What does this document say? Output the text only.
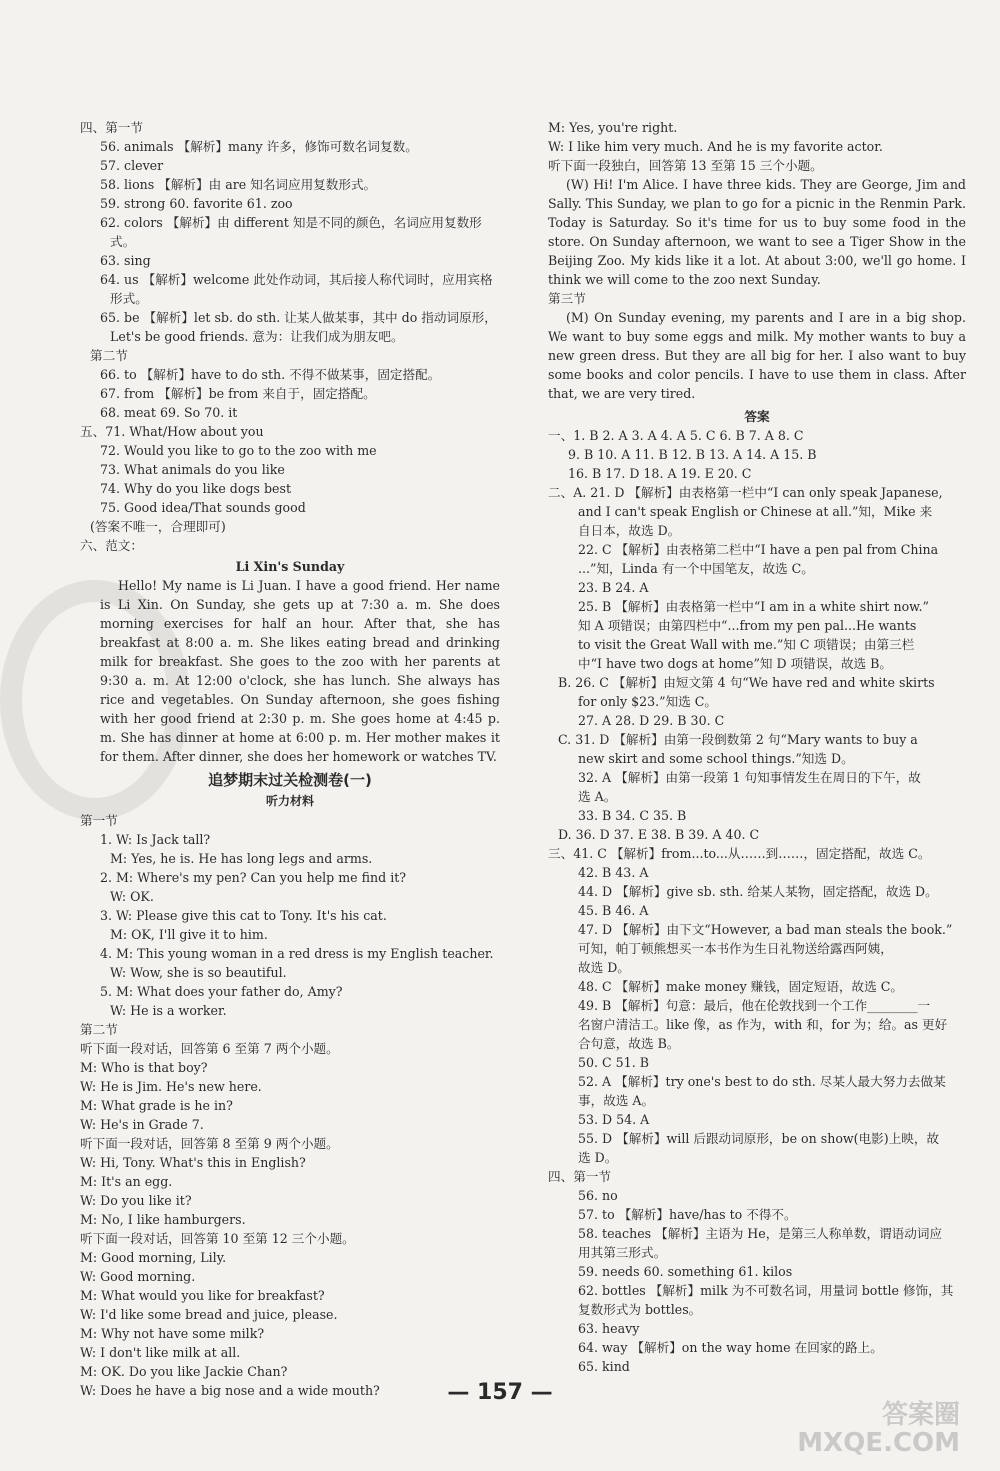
四、第一节
56. animals 【解析】many 许多，修饰可数名词复数。
57. clever
58. lions 【解析】由 are 知名词应用复数形式。
59. strong 60. favorite 61. zoo
62. colors 【解析】由 different 知是不同的颜色，名词应用复数形
式。
63. sing
64. us 【解析】welcome 此处作动词，其后接人称代词时，应用宾格
形式。
65. be 【解析】let sb. do sth. 让某人做某事，其中 do 指动词原形，
Let's be good friends. 意为：让我们成为朋友吧。
第二节
66. to 【解析】have to do sth. 不得不做某事，固定搭配。
67. from 【解析】be from 来自于，固定搭配。
68. meat 69. So 70. it
五、71. What/How about you
72. Would you like to go to the zoo with me
73. What animals do you like
74. Why do you like dogs best
75. Good idea/That sounds good
(答案不唯一，合理即可)
六、范文：
Li Xin's Sunday
Hello! My name is Li Juan. I have a good friend. Her name is Li Xin. On Sunday, she gets up at 7:30 a. m. She does morning exercises for half an hour. After that, she has breakfast at 8:00 a. m. She likes eating bread and drinking milk for breakfast. She goes to the zoo with her parents at 9:30 a. m. At 12:00 o'clock, she has lunch. She always has rice and vegetables. On Sunday afternoon, she goes fishing with her good friend at 2:30 p. m. She goes home at 4:45 p. m. She has dinner at home at 6:00 p. m. Her mother makes it for them. After dinner, she does her homework or watches TV.
追梦期末过关检测卷(一)
听力材料
第一节
1. W: Is Jack tall?
M: Yes, he is. He has long legs and arms.
2. M: Where's my pen? Can you help me find it?
W: OK.
3. W: Please give this cat to Tony. It's his cat.
M: OK, I'll give it to him.
4. M: This young woman in a red dress is my English teacher.
W: Wow, she is so beautiful.
5. M: What does your father do, Amy?
W: He is a worker.
第二节
听下面一段对话，回答第 6 至第 7 两个小题。
M: Who is that boy?
W: He is Jim. He's new here.
M: What grade is he in?
W: He's in Grade 7.
听下面一段对话，回答第 8 至第 9 两个小题。
W: Hi, Tony. What's this in English?
M: It's an egg.
W: Do you like it?
M: No, I like hamburgers.
听下面一段对话，回答第 10 至第 12 三个小题。
M: Good morning, Lily.
W: Good morning.
M: What would you like for breakfast?
W: I'd like some bread and juice, please.
M: Why not have some milk?
W: I don't like milk at all.
M: OK. Do you like Jackie Chan?
W: Does he have a big nose and a wide mouth?
M: Yes, you're right.
W: I like him very much. And he is my favorite actor.
听下面一段独白，回答第 13 至第 15 三个小题。
(W) Hi! I'm Alice. I have three kids. They are George, Jim and Sally. This Sunday, we plan to go for a picnic in the Renmin Park. Today is Saturday. So it's time for us to buy some food in the store. On Sunday afternoon, we want to see a Tiger Show in the Beijing Zoo. My kids like it a lot. At about 3:00, we'll go home. I think we will come to the zoo next Sunday.
第三节
(M) On Sunday evening, my parents and I are in a big shop. We want to buy some eggs and milk. My mother wants to buy a new green dress. But they are all big for her. I also want to buy some books and color pencils. I have to use them in class. After that, we are very tired.
答案
一、1. B 2. A 3. A 4. A 5. C 6. B 7. A 8. C
9. B 10. A 11. B 12. B 13. A 14. A 15. B
16. B 17. D 18. A 19. E 20. C
二、A. 21. D 【解析】由表格第一栏中“I can only speak Japanese,
and I can't speak English or Chinese at all.”知，Mike 来
自日本，故选 D。
22. C 【解析】由表格第二栏中“I have a pen pal from China
...”知，Linda 有一个中国笔友，故选 C。
23. B 24. A
25. B 【解析】由表格第一栏中“I am in a white shirt now.”
知 A 项错误；由第四栏中“...from my pen pal...He wants
to visit the Great Wall with me.”知 C 项错误；由第三栏
中“I have two dogs at home”知 D 项错误，故选 B。
B. 26. C 【解析】由短文第 4 句“We have red and white skirts
for only $23.”知选 C。
27. A 28. D 29. B 30. C
C. 31. D 【解析】由第一段倒数第 2 句“Mary wants to buy a
new skirt and some school things.”知选 D。
32. A 【解析】由第一段第 1 句知事情发生在周日的下午，故
选 A。
33. B 34. C 35. B
D. 36. D 37. E 38. B 39. A 40. C
三、41. C 【解析】from...to...从……到……，固定搭配，故选 C。
42. B 43. A
44. D 【解析】give sb. sth. 给某人某物，固定搭配，故选 D。
45. B 46. A
47. D 【解析】由下文“However, a bad man steals the book.”
可知，帕丁顿熊想买一本书作为生日礼物送给露西阿姨，
故选 D。
48. C 【解析】make money 赚钱，固定短语，故选 C。
49. B 【解析】句意：最后，他在伦敦找到一个工作________一
名窗户清洁工。like 像，as 作为，with 和，for 为；给。as 更好
合句意，故选 B。
50. C 51. B
52. A 【解析】try one's best to do sth. 尽某人最大努力去做某
事，故选 A。
53. D 54. A
55. D 【解析】will 后跟动词原形，be on show(电影)上映，故
选 D。
四、第一节
56. no
57. to 【解析】have/has to 不得不。
58. teaches 【解析】主语为 He，是第三人称单数，谓语动词应
用其第三形式。
59. needs 60. something 61. kilos
62. bottles 【解析】milk 为不可数名词，用量词 bottle 修饰，其
复数形式为 bottles。
63. heavy
64. way 【解析】on the way home 在回家的路上。
65. kind
— 157 —
答案圈 MXQE.COM
